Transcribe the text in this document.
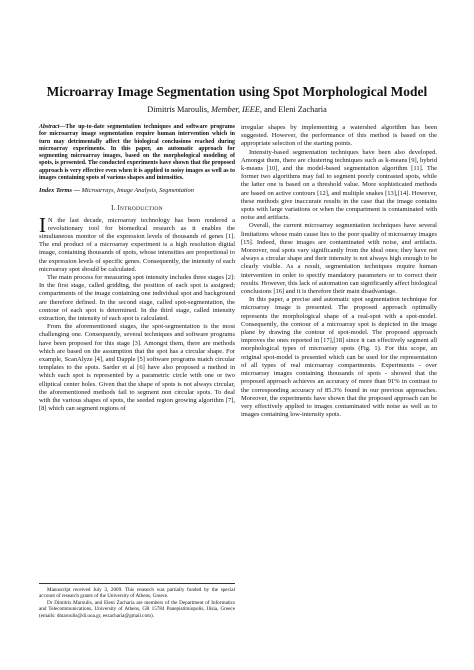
Microarray Image Segmentation using Spot Morphological Model
Dimitris Maroulis, Member, IEEE, and Eleni Zacharia

Abstract—The up-to-date segmentation techniques and software programs for microarray image segmentation require human intervention which in turn may detrimentally affect the biological conclusions reached during microarray experiments. In this paper, an automatic approach for segmenting microarray images, based on the morphological modeling of spots, is presented. The conducted experiments have shown that the proposed approach is very effective even when it is applied to noisy images as well as to images containing spots of various shapes and intensities.

Index Terms — Microarrays, Image Analysis, Segmentation

I. INTRODUCTION

I N the last decade, microarray technology has been rendered a revolutionary tool for biomedical research as it enables the simultaneous monitor of the expression levels of thousands of genes [1]. The end product of a microarray experiment is a high resolution digital image, containing thousands of spots, whose intensities are proportional to the expression levels of specific genes. Consequently, the intensity of each microarray spot should be calculated.

The main process for measuring spot intensity includes three stages [2]: In the first stage, called gridding, the position of each spot is assigned; compartments of the image containing one individual spot and background are therefore defined. In the second stage, called spot-segmentation, the contour of each spot is determined. In the third stage, called intensity extraction, the intensity of each spot is calculated.

From the aforementioned stages, the spot-segmentation is the most challenging one. Consequently, several techniques and software programs have been proposed for this stage [3]. Amongst them, there are methods which are based on the assumption that the spot has a circular shape. For example, ScanAlyze [4], and Dapple [5] software programs match circular templates to the spots. Sarder et al [6] have also proposed a method in which each spot is represented by a parametric circle with one or two elliptical center holes. Given that the shape of spots is not always circular, the aforementioned methods fail to segment non circular spots. To deal with the various shapes of spots, the seeded region growing algorithm [7],[8] which can segment regions of

Manuscript received July 3, 2009. This research was partially funded by the special account of research grants of the University of Athens, Greece.

Dr Dimitris Maroulis, and Eleni Zacharia are members of the Department of Informatics and Telecommunications, University of Athens, GR 15784 Panepistimiopolis, Ilisia, Greece (emails: dmaroulis@di.uoa.gr, eezacharia@gmail.com).

irregular shapes by implementing a watershed algorithm has been suggested. However, the performance of this method is based on the appropriate selection of the starting points.

Intensity-based segmentation techniques have been also developed. Amongst them, there are clustering techniques such as k-means [9], hybrid k-means [10], and the model-based segmentation algorithm [11]. The former two algorithms may fail to segment poorly contrasted spots, while the latter one is based on a threshold value. More sophisticated methods are based on active contours [12], and multiple snakes [13],[14]. However, these methods give inaccurate results in the case that the image contains spots with large variations or when the compartment is contaminated with noise and artifacts.

Overall, the current microarray segmentation techniques have several limitations whose main cause lies to the poor quality of microarray images [15]. Indeed, these images are contaminated with noise, and artifacts. Moreover, real spots vary significantly from the ideal ones; they have not always a circular shape and their intensity is not always high enough to be clearly visible. As a result, segmentation techniques require human intervention in order to specify mandatory parameters or to correct their results. However, this lack of automation can significantly affect biological conclusions [16] and it is therefore their main disadvantage.

In this paper, a precise and automatic spot segmentation technique for microarray image is presented. The proposed approach optimally represents the morphological shape of a real-spot with a spot-model. Consequently, the contour of a microarray spot is depicted in the image plane by drawing the contour of spot-model. The proposed approach improves the ones reported in [17],[18] since it can effectively segment all morphological types of microarray spots (Fig. 1). For this scope, an original spot-model is presented which can be used for the representation of all types of real microarray compartments. Experiments - over microarray images containing thousands of spots - showed that the proposed approach achieves an accuracy of more than 91% in contrast to the corresponding accuracy of 85.3% found in our previous approaches. Moreover, the experiments have shown that the proposed approach can be very effectively applied to images contaminated with noise as well as to images containing low-intensity spots.
